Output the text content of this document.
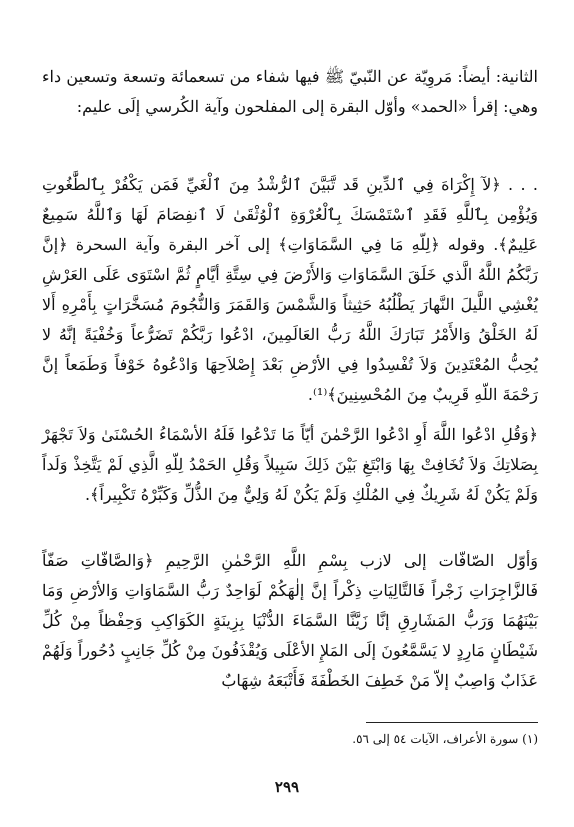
الثانية: أيضاً: مَروِيّة عن النّبيّ ﷺ فيها شفاء من تسعمائة وتسعة وتسعين داء وهي: إقرأ «الحمد» وأوّل البقرة إلى المفلحون وآية الكُرسي إلَى عليم:

. . . ﴿لآ إِكْرَاهَ فِي ٱلدِّينِ قَد تَّبَيَّنَ ٱلرُّشْدُ مِنَ ٱلْغَيِّ فَمَن يَكْفُرْ بِٱلطَّٰغُوتِ وَيُؤْمِن بِٱللَّهِ فَقَدِ ٱسْتَمْسَكَ بِٱلْعُرْوَةِ ٱلْوُثْقَىٰ لَا ٱنفِصَامَ لَهَا وَٱللَّهُ سَمِيعٌ عَلِيمٌ﴾. وقوله ﴿لِلّهِ مَا فِي السَّمَاوَاتِ﴾ إلى آخر البقرة وآية السحرة ﴿إنَّ رَبَّكُمُ اللَّهُ الَّذي خَلَقَ السَّمَاوَاتِ وَالأَرْضَ فِي سِتَّةِ أيَّامٍ ثُمَّ اسْتَوَى عَلَى العَرْشِ يُغْشِي اللَّيلَ النَّهارَ يَطْلُبُهُ حَثِيثاً وَالشَّمْسَ وَالقَمَرَ وَالنُّجُومَ مُسَخَّرَاتٍ بِأَمْرِهِ أَلا لَهُ الخَلْقُ وَالأَمْرُ تَبَارَكَ اللَّهُ رَبُّ العَالَمِينَ، ادْعُوا رَبَّكُمْ تَضَرُّعاً وَخُفْيَةً إنَّهُ لا يُحِبُّ المُعْتَدِينَ وَلاَ تُفْسِدُوا فِي الأرْضِ بَعْدَ إِصْلاَحِهَا وَادْعُوهُ خَوْفاً وَطَمَعاً إنَّ رَحْمَةَ اللّهِ قَرِيبٌ مِنَ المُحْسِنِينَ﴾⁽¹⁾.

﴿وَقُلِ ادْعُوا اللَّهَ أَوِ ادْعُوا الرَّحْمٰنَ أيّاً مَا تَدْعُوا فَلَهُ الأسْمَاءُ الحُسْنَىٰ وَلاَ تَجْهَرْ بِصَلاتِكَ وَلاَ تُخَافِتْ بِهَا وَابْتَغِ بَيْنَ ذَلِكَ سَبِيلاً وَقُلِ الحَمْدُ لِلّهِ الَّذِي لَمْ يَتَّخِذْ وَلَداً وَلَمْ يَكُنْ لَهُ شَرِيكٌ فِي المُلْكِ وَلَمْ يَكُنْ لَهُ وَلِيٌّ مِنَ الذُّلِّ وَكَبِّرْهُ تَكْبِيراً﴾.

وَأوّل الصّافّات إلى لازب بِسْمِ اللَّهِ الرَّحْمٰنِ الرَّحِيمِ ﴿وَالصَّافّاتِ صَفّاً فَالزَّاجِرَاتِ زَجْراً فَالتَّالِيَاتِ ذِكْراً إنَّ إلٰهَكُمْ لَوَاحِدٌ رَبُّ السَّمَاوَاتِ وَالأرْضِ وَمَا بَيْنَهُمَا وَرَبُّ المَشَارِقِ إنَّا زَيَّنَّا السَّمَاءَ الدُّنْيَا بِزِينَةٍ الكَوَاكِبِ وَحِفْظاً مِنْ كُلِّ شَيْطَانٍ مَارِدٍ لا يَسَّمَّعُونَ إلَى المَلإِ الأعْلَى وَيُقْذَفُونَ مِنْ كُلِّ جَانِبٍ دُحُوراً وَلَهُمْ عَذَابٌ وَاصِبٌ إلاّ مَنْ خَطِفَ الخَطْفَةَ فَأَتْبَعَهُ شِهَابٌ

(١) سورة الأعراف، الآيات ٥٤ إلى ٥٦.

٢٩٩
